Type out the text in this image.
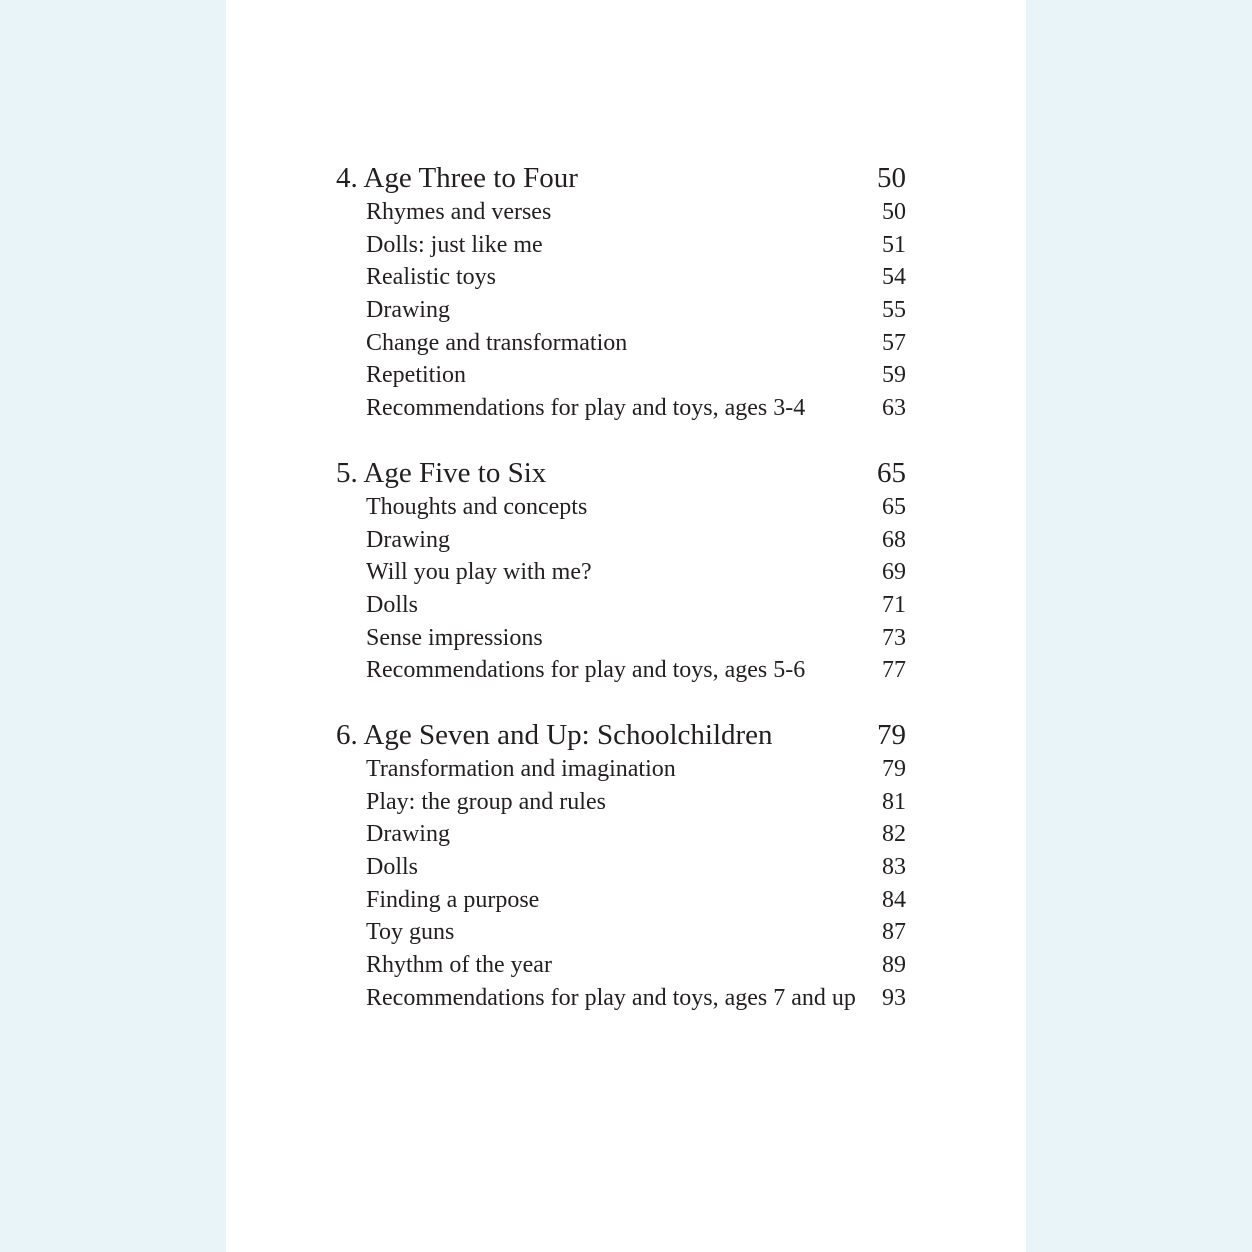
4. Age Three to Four	50
Rhymes and verses	50
Dolls: just like me	51
Realistic toys	54
Drawing	55
Change and transformation	57
Repetition	59
Recommendations for play and toys, ages 3-4	63
5. Age Five to Six	65
Thoughts and concepts	65
Drawing	68
Will you play with me?	69
Dolls	71
Sense impressions	73
Recommendations for play and toys, ages 5-6	77
6. Age Seven and Up: Schoolchildren	79
Transformation and imagination	79
Play: the group and rules	81
Drawing	82
Dolls	83
Finding a purpose	84
Toy guns	87
Rhythm of the year	89
Recommendations for play and toys, ages 7 and up 93
